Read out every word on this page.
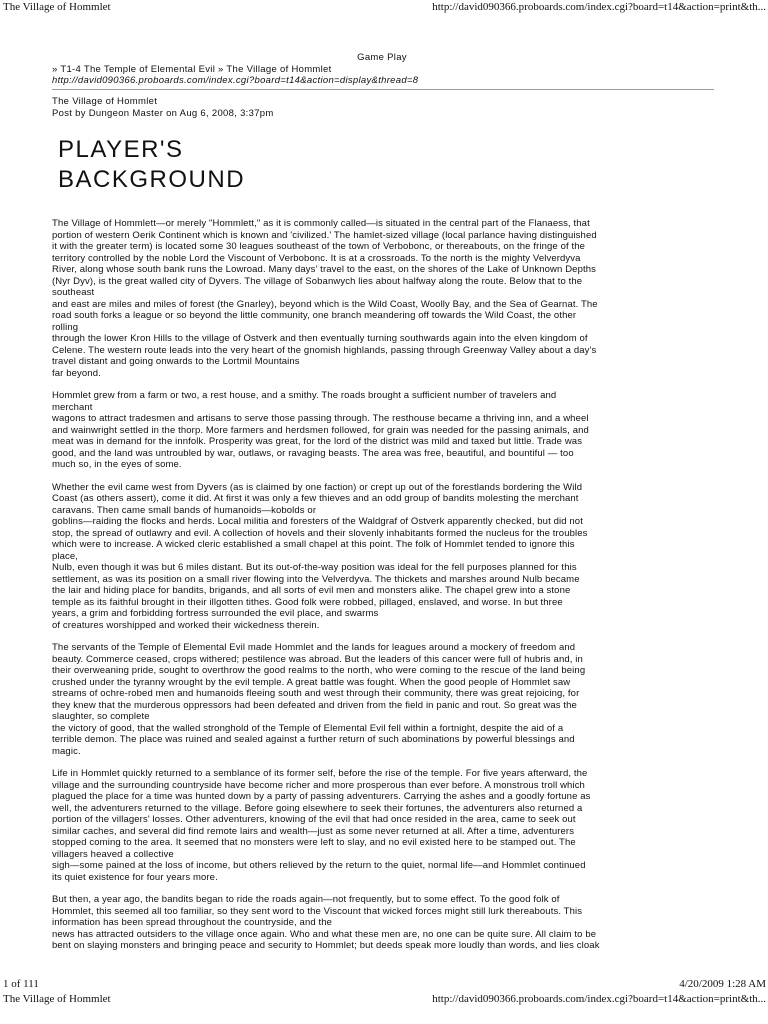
The Village of Hommlet	http://david090366.proboards.com/index.cgi?board=t14&action=print&th...
Game Play
» T1-4 The Temple of Elemental Evil » The Village of Hommlet
http://david090366.proboards.com/index.cgi?board=t14&action=display&thread=8
The Village of Hommlet
Post by Dungeon Master on Aug 6, 2008, 3:37pm
PLAYER'S
BACKGROUND

The Village of Hommlett—or merely "Hommlett," as it is commonly called—is situated in the central part of the Flanaess, that
portion of western Oerik Continent which is known and 'civilized.' The hamlet-sized village (local parlance having distinguished
it with the greater term) is located some 30 leagues southeast of the town of Verbobonc, or thereabouts, on the fringe of the
territory controlled by the noble Lord the Viscount of Verbobonc. It is at a crossroads. To the north is the mighty Velverdyva
River, along whose south bank runs the Lowroad. Many days' travel to the east, on the shores of the Lake of Unknown Depths
(Nyr Dyv), is the great walled city of Dyvers. The village of Sobanwych lies about halfway along the route. Below that to the
southeast
and east are miles and miles of forest (the Gnarley), beyond which is the Wild Coast, Woolly Bay, and the Sea of Gearnat. The
road south forks a league or so beyond the little community, one branch meandering off towards the Wild Coast, the other
rolling
through the lower Kron Hills to the village of Ostverk and then eventually turning southwards again into the elven kingdom of
Celene. The western route leads into the very heart of the gnomish highlands, passing through Greenway Valley about a day's
travel distant and going onwards to the Lortmil Mountains
far beyond.

Hommlet grew from a farm or two, a rest house, and a smithy. The roads brought a sufficient number of travelers and
merchant
wagons to attract tradesmen and artisans to serve those passing through. The resthouse became a thriving inn, and a wheel
and wainwright settled in the thorp. More farmers and herdsmen followed, for grain was needed for the passing animals, and
meat was in demand for the innfolk. Prosperity was great, for the lord of the district was mild and taxed but little. Trade was
good, and the land was untroubled by war, outlaws, or ravaging beasts. The area was free, beautiful, and bountiful — too
much so, in the eyes of some.

Whether the evil came west from Dyvers (as is claimed by one faction) or crept up out of the forestlands bordering the Wild
Coast (as others assert), come it did. At first it was only a few thieves and an odd group of bandits molesting the merchant
caravans. Then came small bands of humanoids—kobolds or
goblins—raiding the flocks and herds. Local militia and foresters of the Waldgraf of Ostverk apparently checked, but did not
stop, the spread of outlawry and evil. A collection of hovels and their slovenly inhabitants formed the nucleus for the troubles
which were to increase. A wicked cleric established a small chapel at this point. The folk of Hommlet tended to ignore this
place,
Nulb, even though it was but 6 miles distant. But its out-of-the-way position was ideal for the fell purposes planned for this
settlement, as was its position on a small river flowing into the Velverdyva. The thickets and marshes around Nulb became
the lair and hiding place for bandits, brigands, and all sorts of evil men and monsters alike. The chapel grew into a stone
temple as its faithful brought in their illgotten tithes. Good folk were robbed, pillaged, enslaved, and worse. In but three
years, a grim and forbidding fortress surrounded the evil place, and swarms
of creatures worshipped and worked their wickedness therein.

The servants of the Temple of Elemental Evil made Hommlet and the lands for leagues around a mockery of freedom and
beauty. Commerce ceased, crops withered; pestilence was abroad. But the leaders of this cancer were full of hubris and, in
their overweaning pride, sought to overthrow the good realms to the north, who were coming to the rescue of the land being
crushed under the tyranny wrought by the evil temple. A great battle was fought. When the good people of Hommlet saw
streams of ochre-robed men and humanoids fleeing south and west through their community, there was great rejoicing, for
they knew that the murderous oppressors had been defeated and driven from the field in panic and rout. So great was the
slaughter, so complete
the victory of good, that the walled stronghold of the Temple of Elemental Evil fell within a fortnight, despite the aid of a
terrible demon. The place was ruined and sealed against a further return of such abominations by powerful blessings and
magic.

Life in Hommlet quickly returned to a semblance of its former self, before the rise of the temple. For five years afterward, the
village and the surrounding countryside have become richer and more prosperous than ever before. A monstrous troll which
plagued the place for a time was hunted down by a party of passing adventurers. Carrying the ashes and a goodly fortune as
well, the adventurers returned to the village. Before going elsewhere to seek their fortunes, the adventurers also returned a
portion of the villagers' losses. Other adventurers, knowing of the evil that had once resided in the area, came to seek out
similar caches, and several did find remote lairs and wealth—just as some never returned at all. After a time, adventurers
stopped coming to the area. It seemed that no monsters were left to slay, and no evil existed here to be stamped out. The
villagers heaved a collective
sigh—some pained at the loss of income, but others relieved by the return to the quiet, normal life—and Hommlet continued
its quiet existence for four years more.

But then, a year ago, the bandits began to ride the roads again—not frequently, but to some effect. To the good folk of
Hommlet, this seemed all too familiar, so they sent word to the Viscount that wicked forces might still lurk thereabouts. This
information has been spread throughout the countryside, and the
news has attracted outsiders to the village once again. Who and what these men are, no one can be quite sure. All claim to be
bent on slaying monsters and bringing peace and security to Hommlet; but deeds speak more loudly than words, and lies cloak

1 of 111	4/20/2009 1:28 AM
The Village of Hommlet	http://david090366.proboards.com/index.cgi?board=t14&action=print&th...
